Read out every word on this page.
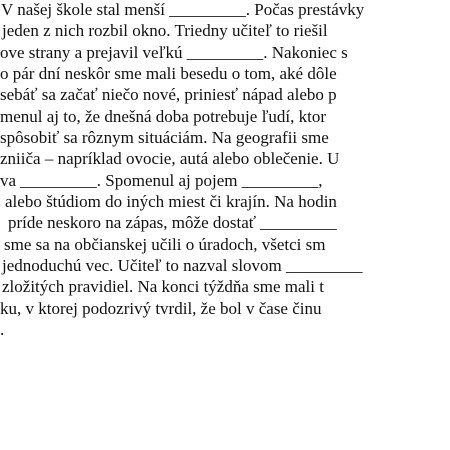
V našej škole stal menší _________. Počas prestávky
jeden z nich rozbil okno. Triedny učiteľ to riešil
ove strany a prejavil veľkú _________. Nakoniec s
o pár dní neskôr sme mali besedu o tom, aké dôle
sebáť sa začať niečo nové, priniesť nápad alebo p
menul aj to, že dnešná doba potrebuje ľudí, ktor
spôsobiť sa rôznym situáciám. Na geografii sme
zniiča – napríklad ovocie, autá alebo oblečenie. U
va _________. Spomenul aj pojem _________,
alebo štúdiom do iných miest či krajín. Na hodin
príde neskoro na zápas, môže dostať _________
sme sa na občianskej učili o úradoch, všetci sm
jednoduchú vec. Učiteľ to nazval slovom _________
zložitých pravidiel. Na konci týždňa sme mali t
ku, v ktorej podozrivý tvrdil, že bol v čase činu
.
